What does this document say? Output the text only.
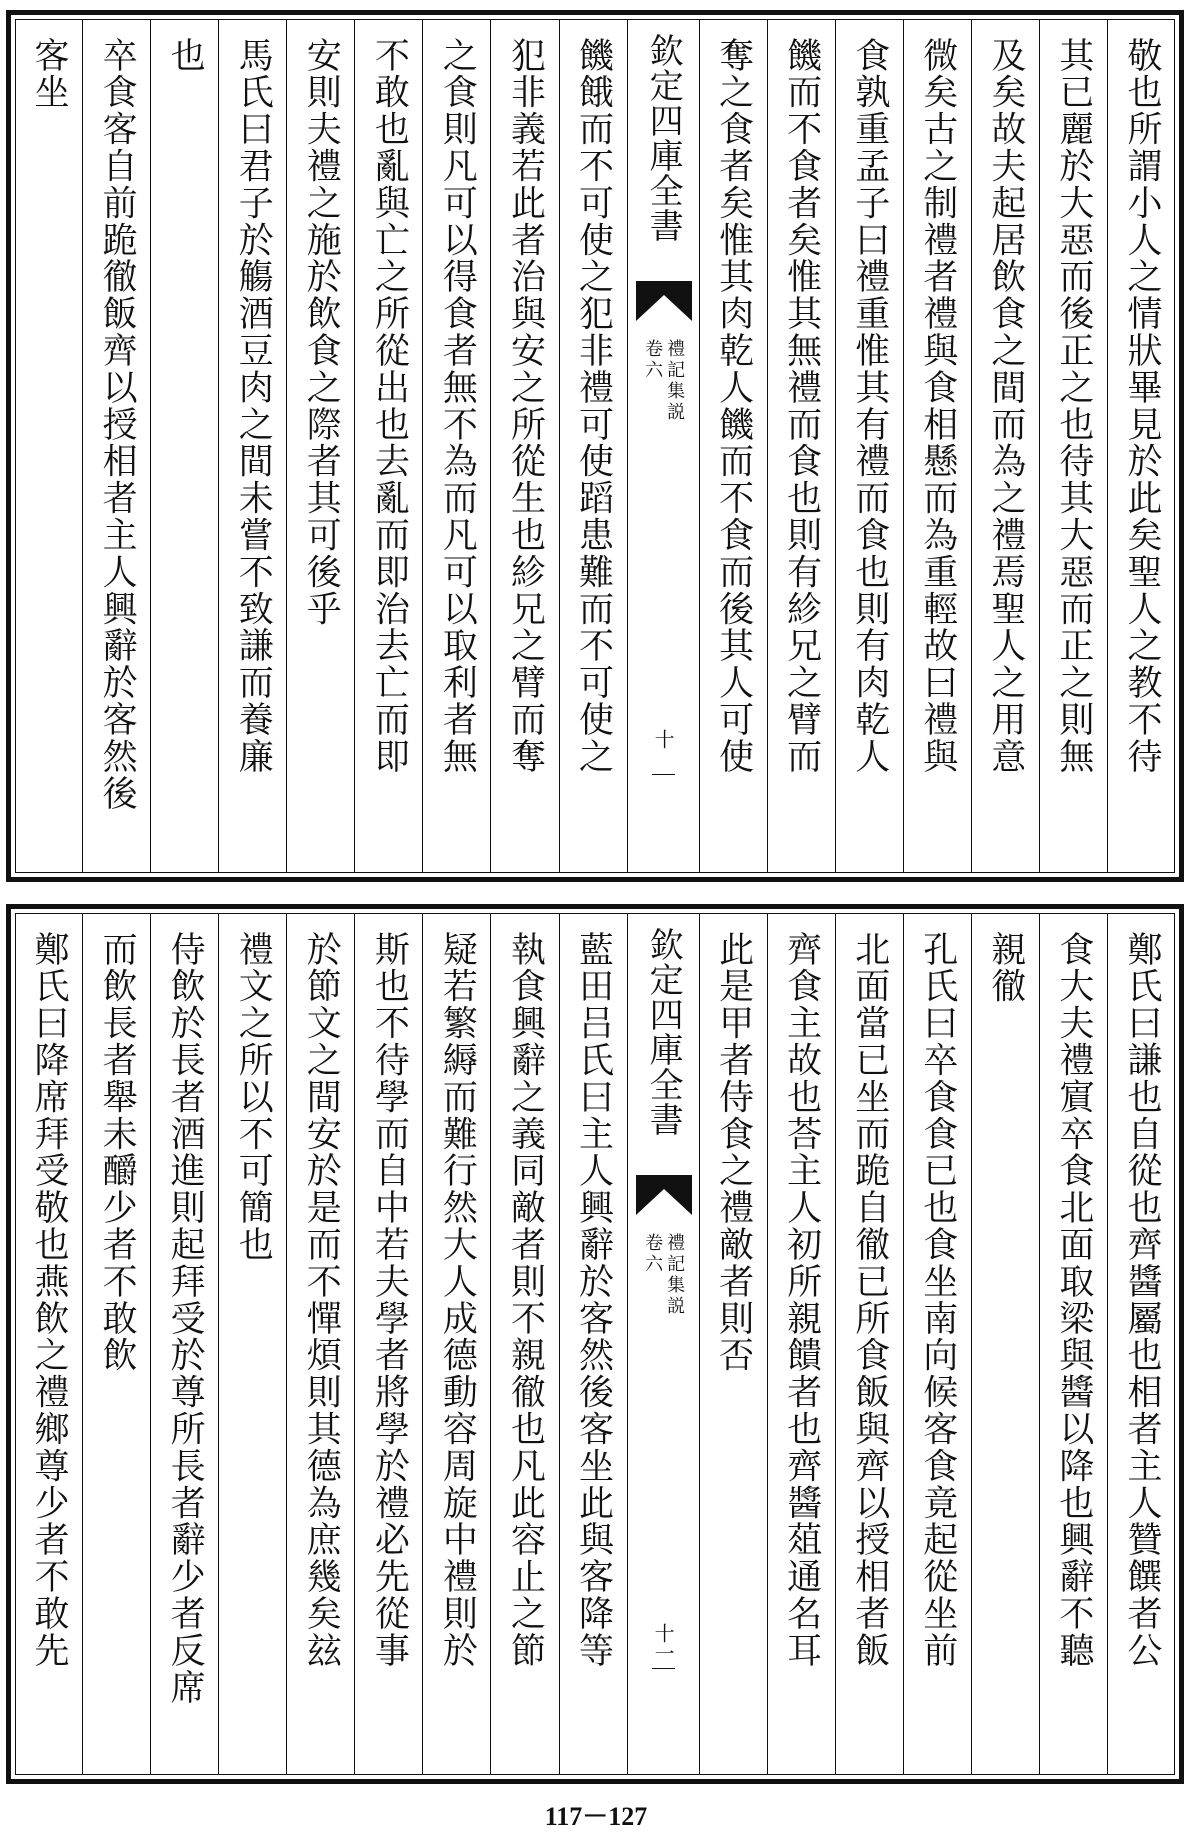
敬也所謂小人之情狀畢見於此矣聖人之教不待
其已麗於大惡而後正之也待其大惡而正之則無
及矣故夫起居飲食之間而為之禮焉聖人之用意
微矣古之制禮者禮與食相懸而為重輕故曰禮與
食孰重孟子曰禮重惟其有禮而食也則有肉乾人
饑而不食者矣惟其無禮而食也則有紾兄之臂而
奪之食者矣惟其肉乾人饑而不食而後其人可使
欽定四庫全書
禮記集説
卷六
十
饑餓而不可使之犯非禮可使蹈患難而不可使之
犯非義若此者治與安之所從生也紾兄之臂而奪
之食則凡可以得食者無不為而凡可以取利者無
不敢也亂與亡之所從出也去亂而即治去亡而即
安則夫禮之施於飲食之際者其可後乎
馬氏曰君子於觴酒豆肉之間未嘗不致謙而養廉
也
卒食客自前跪徹飯齊以授相者主人興辭於客然後
客坐
鄭氏曰謙也自從也齊醬屬也相者主人贊饌者公
食大夫禮賔卒食北面取梁與醬以降也興辭不聽
親徹
孔氏曰卒食食已也食坐南向候客食竟起從坐前
北面當已坐而跪自徹已所食飯與齊以授相者飯
齊食主故也荅主人初所親饋者也齊醬葅通名耳
此是甲者侍食之禮敵者則否
欽定四庫全書
禮記集説
卷六
十一
藍田吕氏曰主人興辭於客然後客坐此與客降等
執食興辭之義同敵者則不親徹也凡此容止之節
疑若繁縟而難行然大人成德動容周旋中禮則於
斯也不待學而自中若夫學者將學於禮必先從事
於節文之間安於是而不憚煩則其德為庶幾矣玆
禮文之所以不可簡也
侍飲於長者酒進則起拜受於尊所長者辭少者反席
而飲長者舉未釂少者不敢飲
鄭氏曰降席拜受敬也燕飲之禮鄉尊少者不敢先
117－127
